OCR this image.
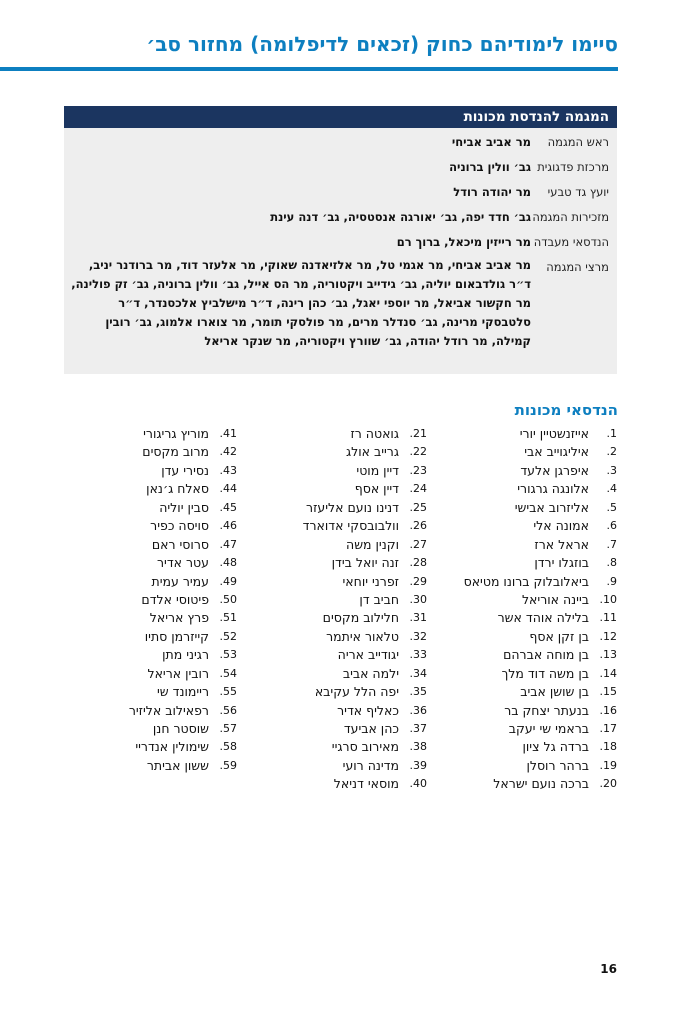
סיימו לימודיהם כחוק (זכאים לדיפלומה) מחזור סב׳
המגמה להנדסת מכונות
ראש המגמה
מר אביב אביחי
מרכזת פדגוגית
גב׳ וולין ברוניה
יועץ גד טבעי
מר יהודה רודל
מזכירות המגמה
גב׳ חדד יפה, גב׳ יאורגה אנסטסיה, גב׳ דנה עינת
הנדסאי מעבדה
מר רייזין מיכאל, ברוך רם
מרצי המגמה
מר אביב אביחי, מר אגמי טל, מר אלזיאדנה שאוקי, מר אלעזר דוד, מר ברודנר יניב, ד״ר גולדבאום יוליה, גב׳ גידייב ויקטוריה, מר הס אייל, גב׳ וולין ברוניה, גב׳ זק פולינה, מר חקשור אביאל, מר יוספי יאגל, גב׳ כהן רינה, ד״ר מישלביץ אלכסנדר, ד״ר סלטבסקי מרינה, גב׳ סנדלר מרים, מר פולסקי תומר, מר צוארו אלמוג, גב׳ רובין קמילה, מר רודל יהודה, גב׳ שוורץ ויקטוריה, מר שנקר אריאל
הנדסאי מכונות
1.
אייזנשטיין יורי
2.
איליגוייב אבי
3.
איפרגן אלעד
4.
אלונגה גרגורי
5.
אליזרוב אבישי
6.
אמונה אלי
7.
אראל ארז
8.
בוזגלו ירדן
9.
ביאלובלוק ברונו מטיאס
10.
ביינה אוריאל
11.
בלילה אוהד אשר
12.
בן זקן אסף
13.
בן מוחה אברהם
14.
בן משה דוד מלך
15.
בן שושן אביב
16.
בנעתר יצחק בר
17.
בראמי שי יעקב
18.
ברדה גל ציון
19.
ברהר רוסלן
20.
ברכה נועם ישראל
21.
גואטה רז
22.
גרייב אולג
23.
דיין מוטי
24.
דיין אסף
25.
דנינו נועם אליעזר
26.
וולבובסקי אדוארד
27.
וקנין משה
28.
זנה יואל בידן
29.
זפרני יוחאי
30.
חביב דן
31.
חלילוב מקסים
32.
טלאור איתמר
33.
יגודייב אריה
34.
ילמה אביב
35.
יפה הלל עקיבא
36.
כאליף אדיר
37.
כהן אביעד
38.
מאירוב סרגיי
39.
מדינה רועי
40.
מוסאי דניאל
41.
מוריץ גריגורי
42.
מרוב מקסים
43.
נסירי עדן
44.
סאלח ג׳נאן
45.
סבין יוליה
46.
סויסה כפיר
47.
סרוסי ראם
48.
עטר אדיר
49.
עמיר עמית
50.
פיטוסי אלדם
51.
פרץ אריאל
52.
קייזרמן סתיו
53.
רגיני מתן
54.
רובין אריאל
55.
ריימונד שי
56.
רפאילוב אליזיר
57.
שוסטר חנן
58.
שימולין אנדריי
59.
ששון אביתר
16
